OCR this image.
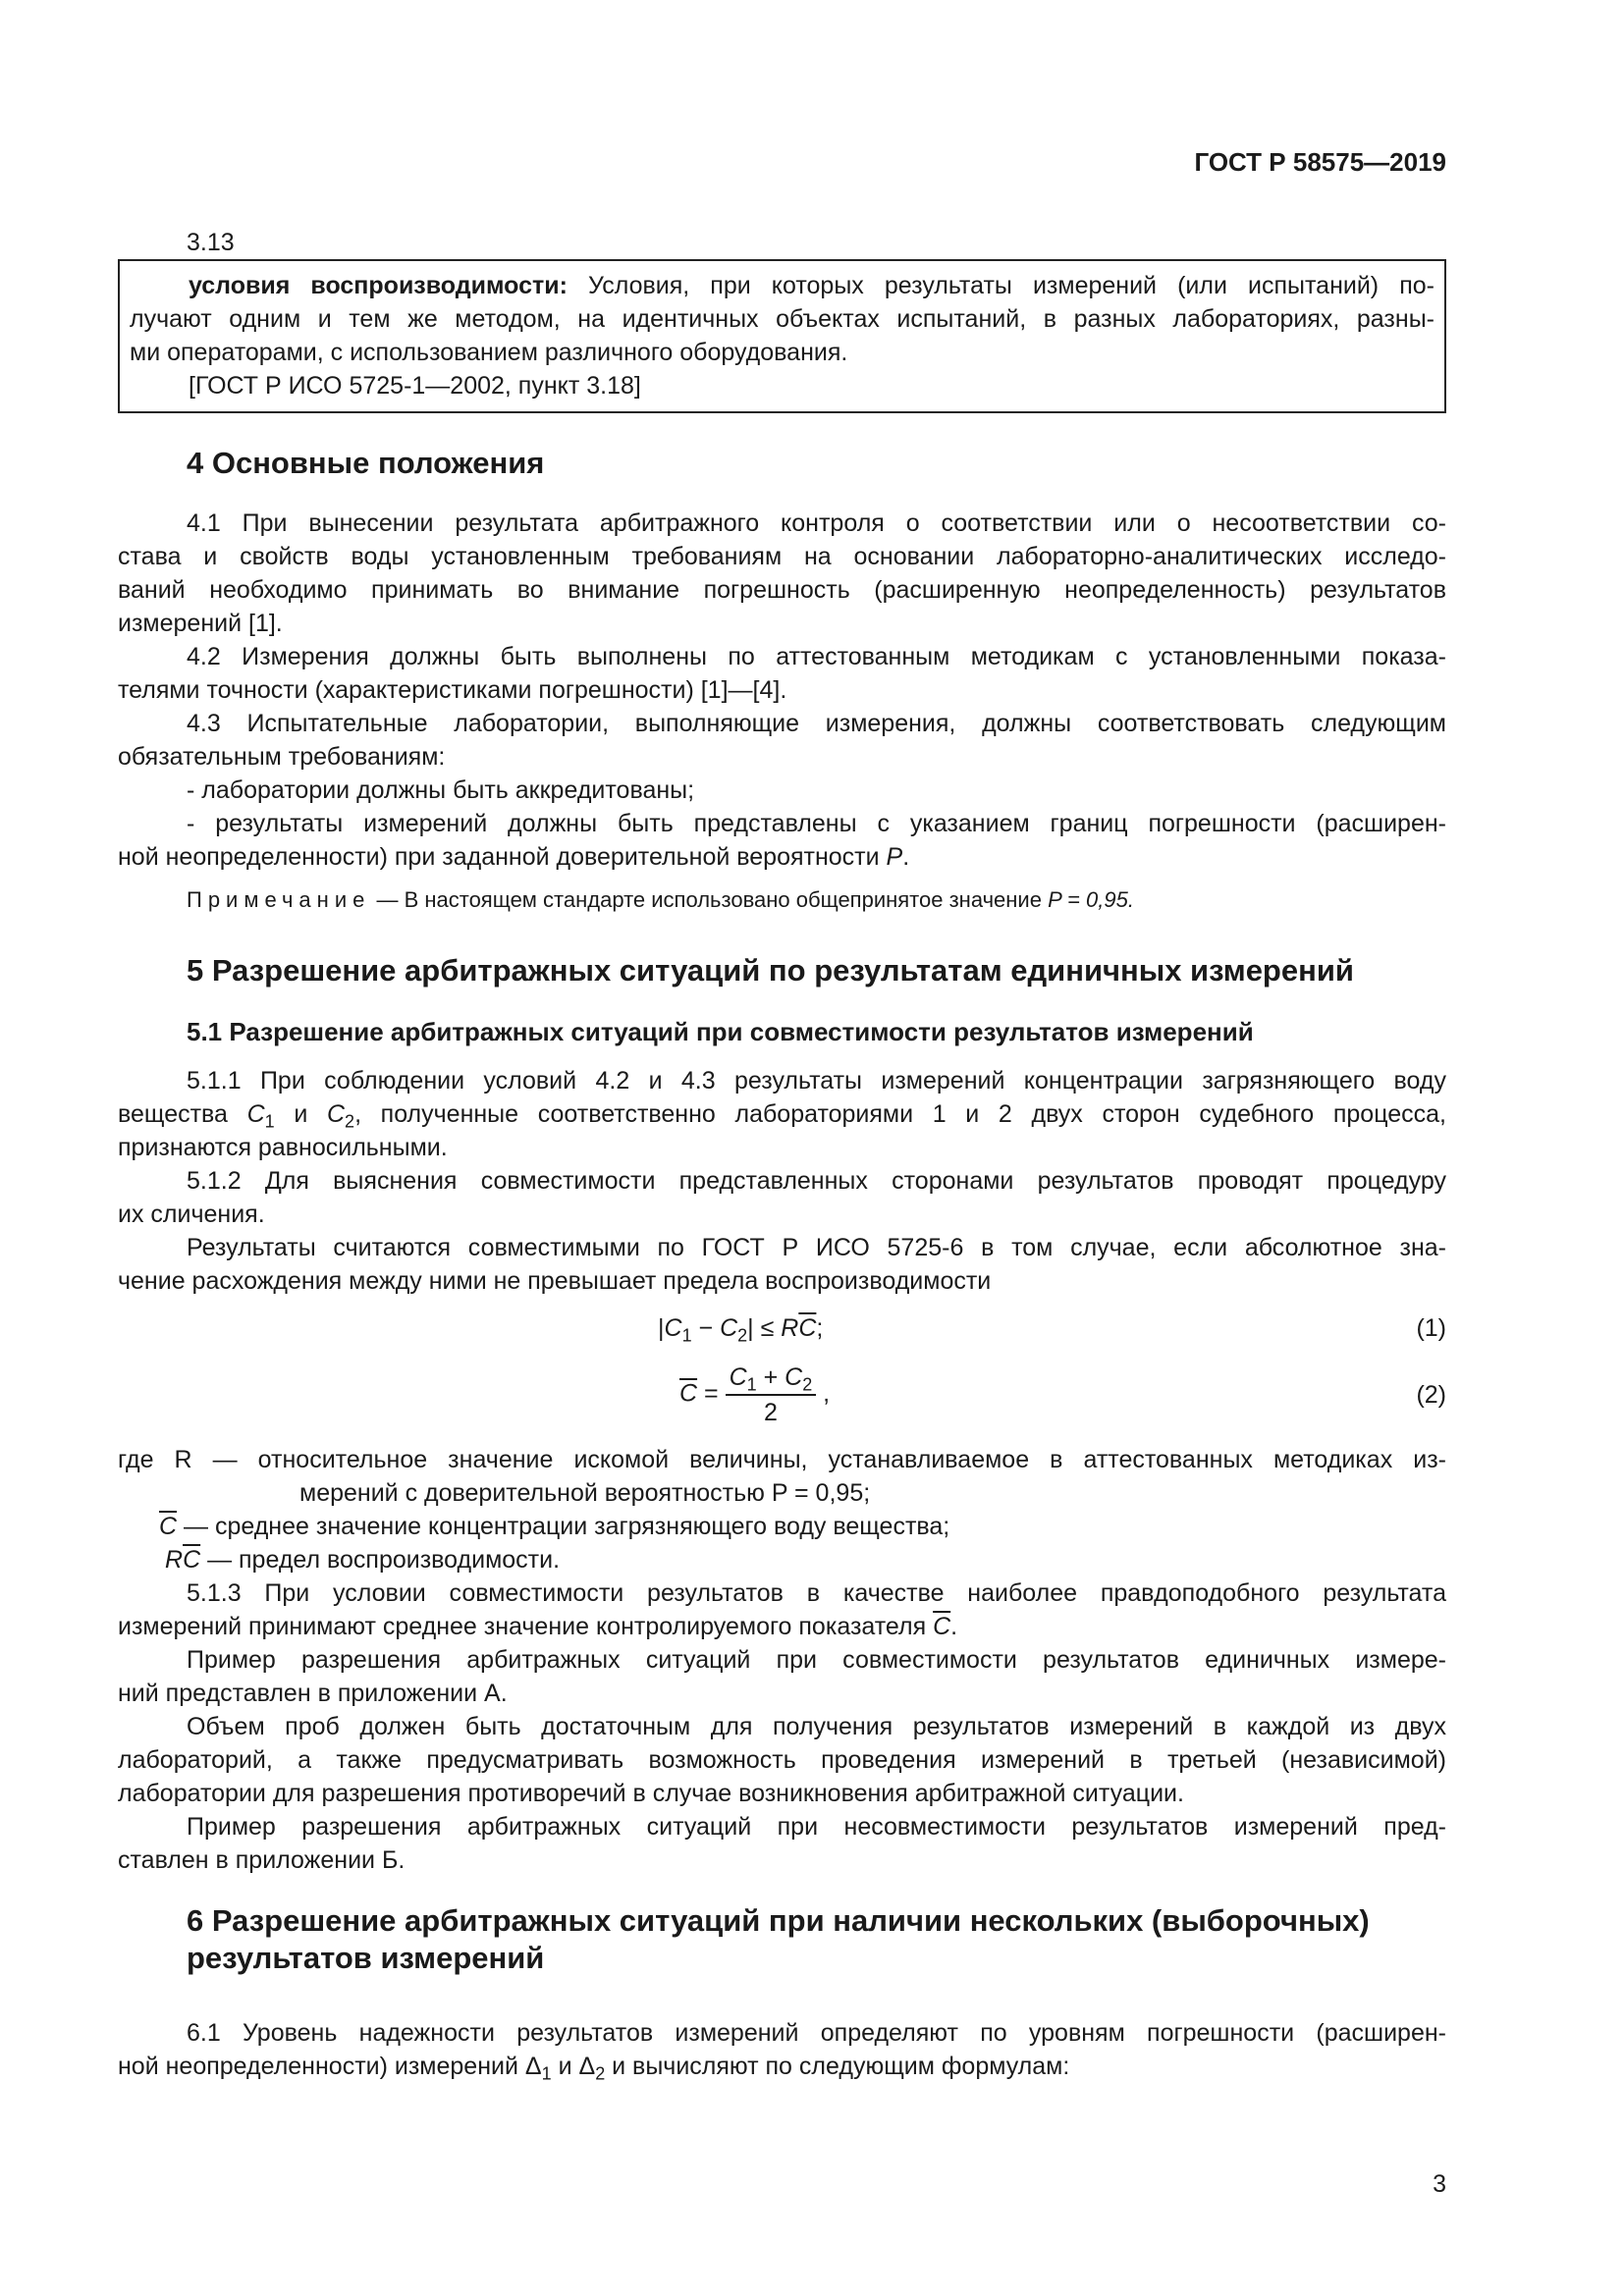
ГОСТ Р 58575—2019
3.13

условия воспроизводимости: Условия, при которых результаты измерений (или испытаний) по-

лучают одним и тем же методом, на идентичных объектах испытаний, в разных лабораториях, разны-

ми операторами, с использованием различного оборудования.

[ГОСТ Р ИСО 5725-1—2002, пункт 3.18]

4 Основные положения
4.1 При вынесении результата арбитражного контроля о соответствии или о несоответствии со-
става и свойств воды установленным требованиям на основании лабораторно-аналитических исследо-
ваний необходимо принимать во внимание погрешность (расширенную неопределенность) результатов
измерений [1].
4.2 Измерения должны быть выполнены по аттестованным методикам с установленными показа-
телями точности (характеристиками погрешности) [1]—[4].
4.3 Испытательные лаборатории, выполняющие измерения, должны соответствовать следующим
обязательным требованиям:
- лаборатории должны быть аккредитованы;
- результаты измерений должны быть представлены с указанием границ погрешности (расширен-
ной неопределенности) при заданной доверительной вероятности P.
Примечание — В настоящем стандарте использовано общепринятое значение P = 0,95.
5 Разрешение арбитражных ситуаций по результатам единичных измерений
5.1 Разрешение арбитражных ситуаций при совместимости результатов измерений
5.1.1 При соблюдении условий 4.2 и 4.3 результаты измерений концентрации загрязняющего воду
вещества $C_1$ и $C_2$, полученные соответственно лабораториями 1 и 2 двух сторон судебного процесса,
признаются равносильными.
5.1.2 Для выяснения совместимости представленных сторонами результатов проводят процедуру
их сличения.
Результаты считаются совместимыми по ГОСТ Р ИСО 5725-6 в том случае, если абсолютное зна-
чение расхождения между ними не превышает предела воспроизводимости
$|C_1 - C_2| \le R\overline{C}$;	(1)
$\overline{C} = \frac{C_1 + C_2}{2}$ ,	(2)
где R — относительное значение искомой величины, устанавливаемое в аттестованных методиках из-
мерений с доверительной вероятностью P = 0,95;
$\overline{C}$ — среднее значение концентрации загрязняющего воду вещества;
$R\overline{C}$ — предел воспроизводимости.
5.1.3 При условии совместимости результатов в качестве наиболее правдоподобного результата
измерений принимают среднее значение контролируемого показателя $\overline{C}$.
Пример разрешения арбитражных ситуаций при совместимости результатов единичных измере-
ний представлен в приложении А.
Объем проб должен быть достаточным для получения результатов измерений в каждой из двух
лабораторий, а также предусматривать возможность проведения измерений в третьей (независимой)
лаборатории для разрешения противоречий в случае возникновения арбитражной ситуации.
Пример разрешения арбитражных ситуаций при несовместимости результатов измерений пред-
ставлен в приложении Б.
6 Разрешение арбитражных ситуаций при наличии нескольких (выборочных)
результатов измерений
6.1 Уровень надежности результатов измерений определяют по уровням погрешности (расширен-
ной неопределенности) измерений $\Delta_1$ и $\Delta_2$ и вычисляют по следующим формулам:
3
